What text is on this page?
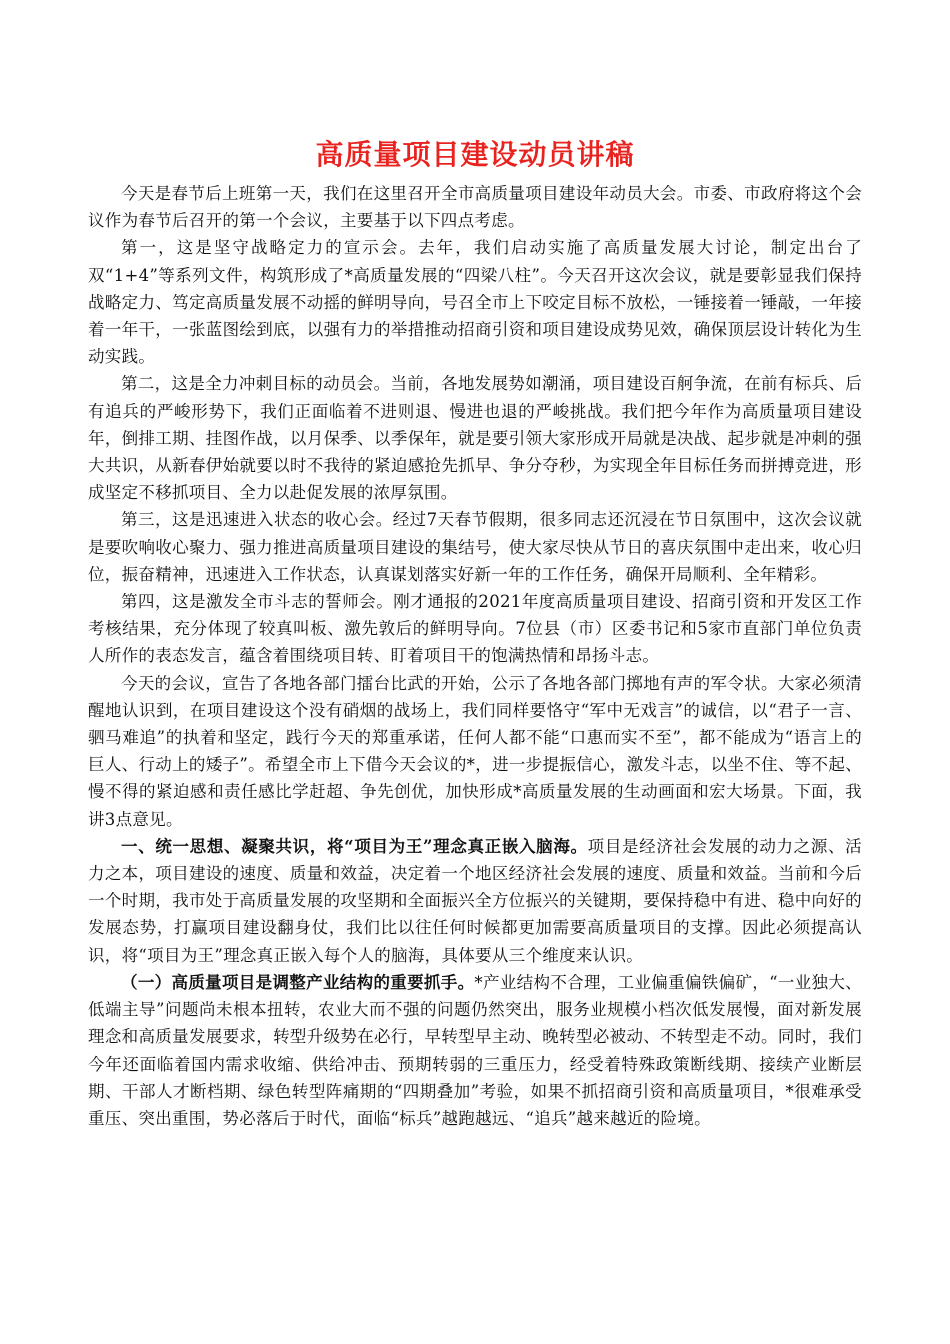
高质量项目建设动员讲稿

今天是春节后上班第一天，我们在这里召开全市高质量项目建设年动员大会。市委、市政府将这个会议作为春节后召开的第一个会议，主要基于以下四点考虑。

第一，这是坚守战略定力的宣示会。去年，我们启动实施了高质量发展大讨论，制定出台了双“1+4”等系列文件，构筑形成了*高质量发展的“四梁八柱”。今天召开这次会议，就是要彰显我们保持战略定力、笃定高质量发展不动摇的鲜明导向，号召全市上下咬定目标不放松，一锤接着一锤敲，一年接着一年干，一张蓝图绘到底，以强有力的举措推动招商引资和项目建设成势见效，确保顶层设计转化为生动实践。

第二，这是全力冲刺目标的动员会。当前，各地发展势如潮涌，项目建设百舸争流，在前有标兵、后有追兵的严峻形势下，我们正面临着不进则退、慢进也退的严峻挑战。我们把今年作为高质量项目建设年，倒排工期、挂图作战，以月保季、以季保年，就是要引领大家形成开局就是决战、起步就是冲刺的强大共识，从新春伊始就要以时不我待的紧迫感抢先抓早、争分夺秒，为实现全年目标任务而拼搏竞进，形成坚定不移抓项目、全力以赴促发展的浓厚氛围。

第三，这是迅速进入状态的收心会。经过7天春节假期，很多同志还沉浸在节日氛围中，这次会议就是要吹响收心聚力、强力推进高质量项目建设的集结号，使大家尽快从节日的喜庆氛围中走出来，收心归位，振奋精神，迅速进入工作状态，认真谋划落实好新一年的工作任务，确保开局顺利、全年精彩。

第四，这是激发全市斗志的誓师会。刚才通报的2021年度高质量项目建设、招商引资和开发区工作考核结果，充分体现了较真叫板、激先敦后的鲜明导向。7位县（市）区委书记和5家市直部门单位负责人所作的表态发言，蕴含着围绕项目转、盯着项目干的饱满热情和昂扬斗志。

今天的会议，宣告了各地各部门擂台比武的开始，公示了各地各部门掷地有声的军令状。大家必须清醒地认识到，在项目建设这个没有硝烟的战场上，我们同样要恪守“军中无戏言”的诚信，以“君子一言、驷马难追”的执着和坚定，践行今天的郑重承诺，任何人都不能“口惠而实不至”，都不能成为“语言上的巨人、行动上的矮子”。希望全市上下借今天会议的*，进一步提振信心，激发斗志，以坐不住、等不起、慢不得的紧迫感和责任感比学赶超、争先创优，加快形成*高质量发展的生动画面和宏大场景。下面，我讲3点意见。

一、统一思想、凝聚共识，将“项目为王”理念真正嵌入脑海。项目是经济社会发展的动力之源、活力之本，项目建设的速度、质量和效益，决定着一个地区经济社会发展的速度、质量和效益。当前和今后一个时期，我市处于高质量发展的攻坚期和全面振兴全方位振兴的关键期，要保持稳中有进、稳中向好的发展态势，打赢项目建设翻身仗，我们比以往任何时候都更加需要高质量项目的支撑。因此必须提高认识，将“项目为王”理念真正嵌入每个人的脑海，具体要从三个维度来认识。

（一）高质量项目是调整产业结构的重要抓手。*产业结构不合理，工业偏重偏铁偏矿，“一业独大、低端主导”问题尚未根本扭转，农业大而不强的问题仍然突出，服务业规模小档次低发展慢，面对新发展理念和高质量发展要求，转型升级势在必行，早转型早主动、晚转型必被动、不转型走不动。同时，我们今年还面临着国内需求收缩、供给冲击、预期转弱的三重压力，经受着特殊政策断线期、接续产业断层期、干部人才断档期、绿色转型阵痛期的“四期叠加”考验，如果不抓招商引资和高质量项目，*很难承受重压、突出重围，势必落后于时代，面临“标兵”越跑越远、“追兵”越来越近的险境。
